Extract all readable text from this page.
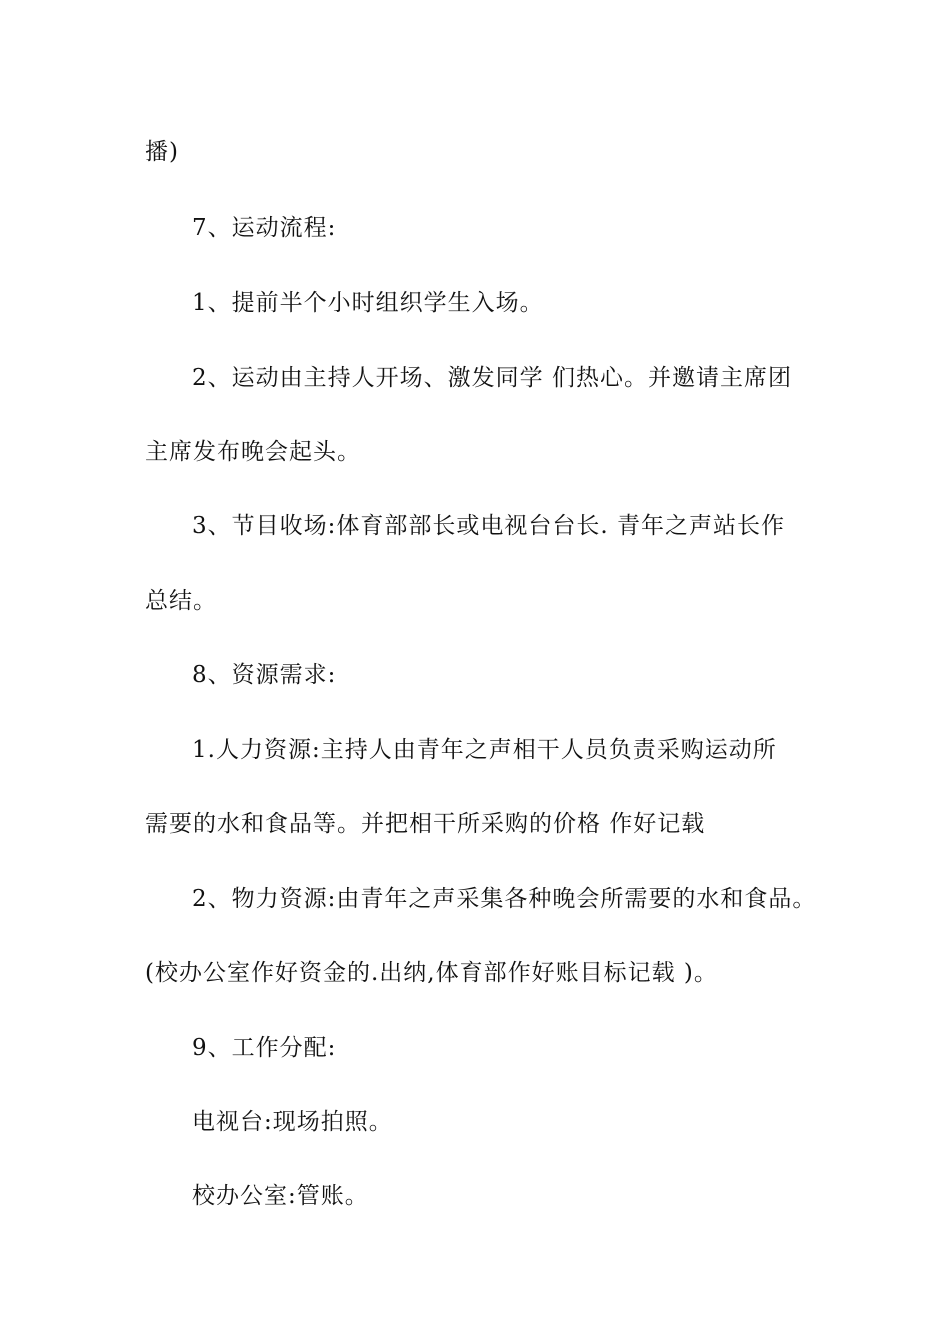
播)
7、运动流程:
1、提前半个小时组织学生入场。
2、运动由主持人开场、激发同学 们热心。并邀请主席团
主席发布晚会起头。
3、节目收场:体育部部长或电视台台长. 青年之声站长作
总结。
8、资源需求:
1.人力资源:主持人由青年之声相干人员负责采购运动所
需要的水和食品等。并把相干所采购的价格 作好记载
2、物力资源:由青年之声采集各种晚会所需要的水和食品。
(校办公室作好资金的.出纳,体育部作好账目标记载 )。
9、工作分配:
电视台:现场拍照。
校办公室:管账。
